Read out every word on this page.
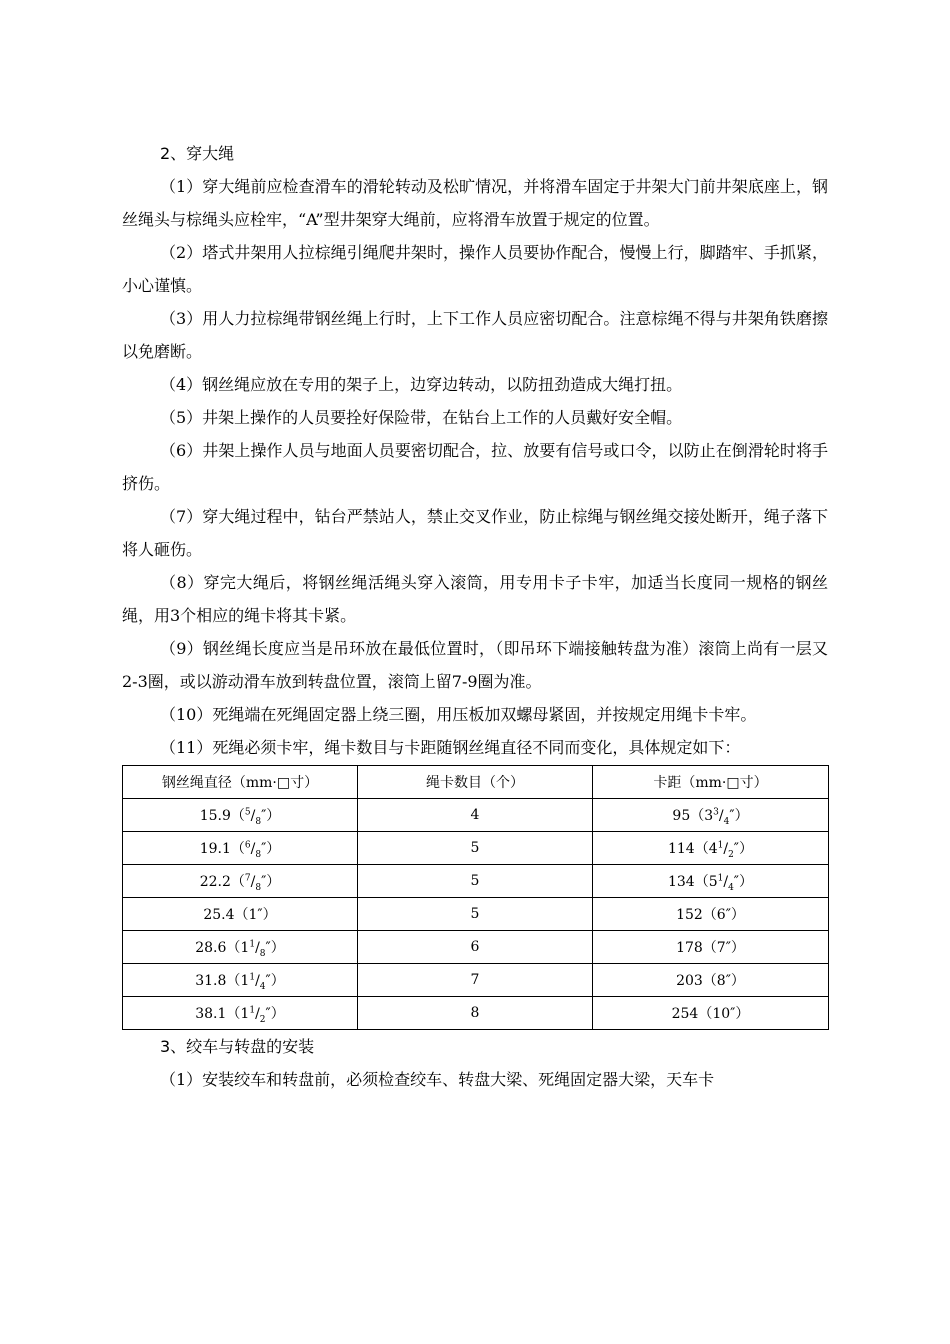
2、穿大绳

（1）穿大绳前应检查滑车的滑轮转动及松旷情况，并将滑车固定于井架大门前井架底座上，钢丝绳头与棕绳头应栓牢，“A”型井架穿大绳前，应将滑车放置于规定的位置。

（2）塔式井架用人拉棕绳引绳爬井架时，操作人员要协作配合，慢慢上行，脚踏牢、手抓紧，小心谨慎。

（3）用人力拉棕绳带钢丝绳上行时，上下工作人员应密切配合。注意棕绳不得与井架角铁磨擦以免磨断。

（4）钢丝绳应放在专用的架子上，边穿边转动，以防扭劲造成大绳打扭。

（5）井架上操作的人员要拴好保险带，在钻台上工作的人员戴好安全帽。

（6）井架上操作人员与地面人员要密切配合，拉、放要有信号或口令，以防止在倒滑轮时将手挤伤。

（7）穿大绳过程中，钻台严禁站人，禁止交叉作业，防止棕绳与钢丝绳交接处断开，绳子落下将人砸伤。

（8）穿完大绳后，将钢丝绳活绳头穿入滚筒，用专用卡子卡牢，加适当长度同一规格的钢丝绳，用3个相应的绳卡将其卡紧。

（9）钢丝绳长度应当是吊环放在最低位置时，（即吊环下端接触转盘为准）滚筒上尚有一层又2-3圈，或以游动滑车放到转盘位置，滚筒上留7-9圈为准。

（10）死绳端在死绳固定器上绕三圈，用压板加双螺母紧固，并按规定用绳卡卡牢。

（11）死绳必须卡牢，绳卡数目与卡距随钢丝绳直径不同而变化，具体规定如下：

钢丝绳直径（mm·□寸）	绳卡数目（个）	卡距（mm·□寸）
$15.9(^5/_8'')$	4	$95(3^3/_4'')$
$19.1(^6/_8'')$	5	$114(4^1/_2'')$
$22.2(^7/_8'')$	5	$134(5^1/_4'')$
25.4（1″）	5	152（6″）
$28.6(1^1/_8'')$	6	178（7″）
$31.8(1^1/_4'')$	7	203（8″）
$38.1(1^1/_2'')$	8	254（10″）
3、绞车与转盘的安装

（1）安装绞车和转盘前，必须检查绞车、转盘大梁、死绳固定器大梁，天车卡
